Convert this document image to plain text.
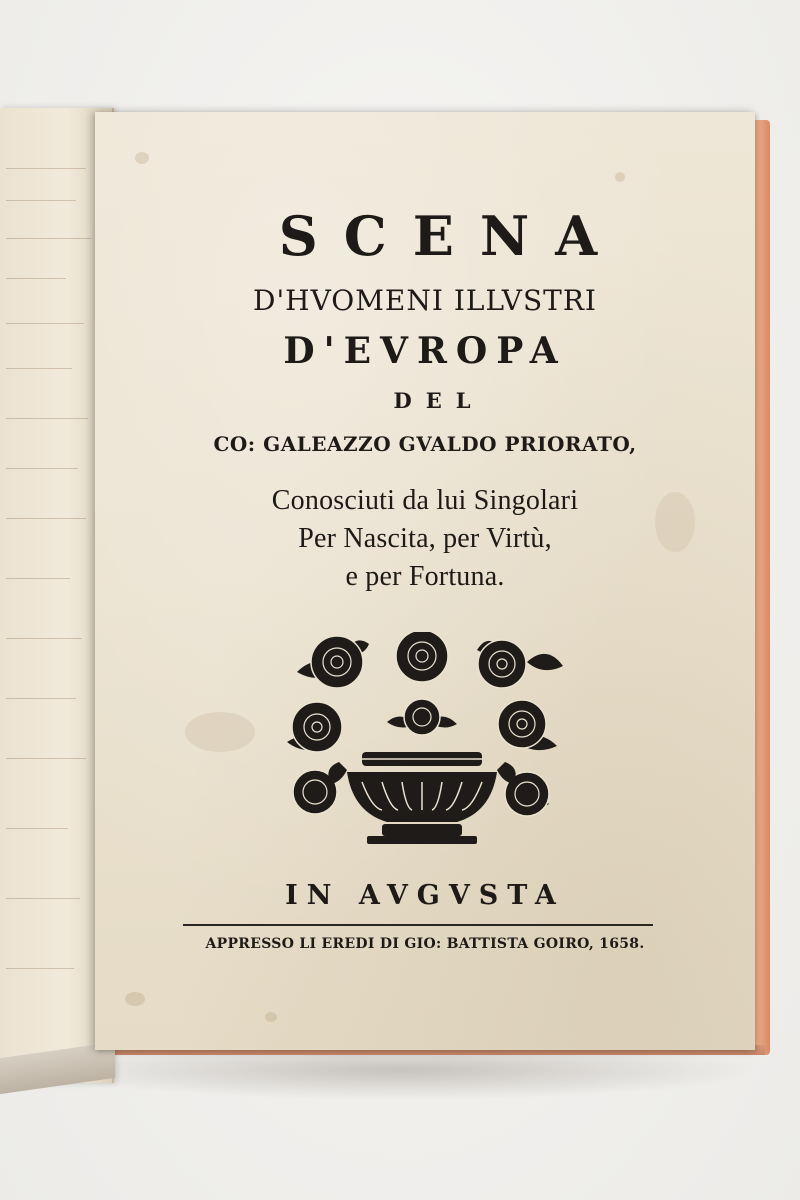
SCENA
D'HVOMENI ILLVSTRI
D'EVROPA
DEL
CO: GALEAZZO GVALDO PRIORATO,
Conosciuti da lui Singolari
Per Nascita, per Virtù,
e per Fortuna.
IN AVGVSTA
APPRESSO LI EREDI DI GIO: BATTISTA GOIRO, 1658.
